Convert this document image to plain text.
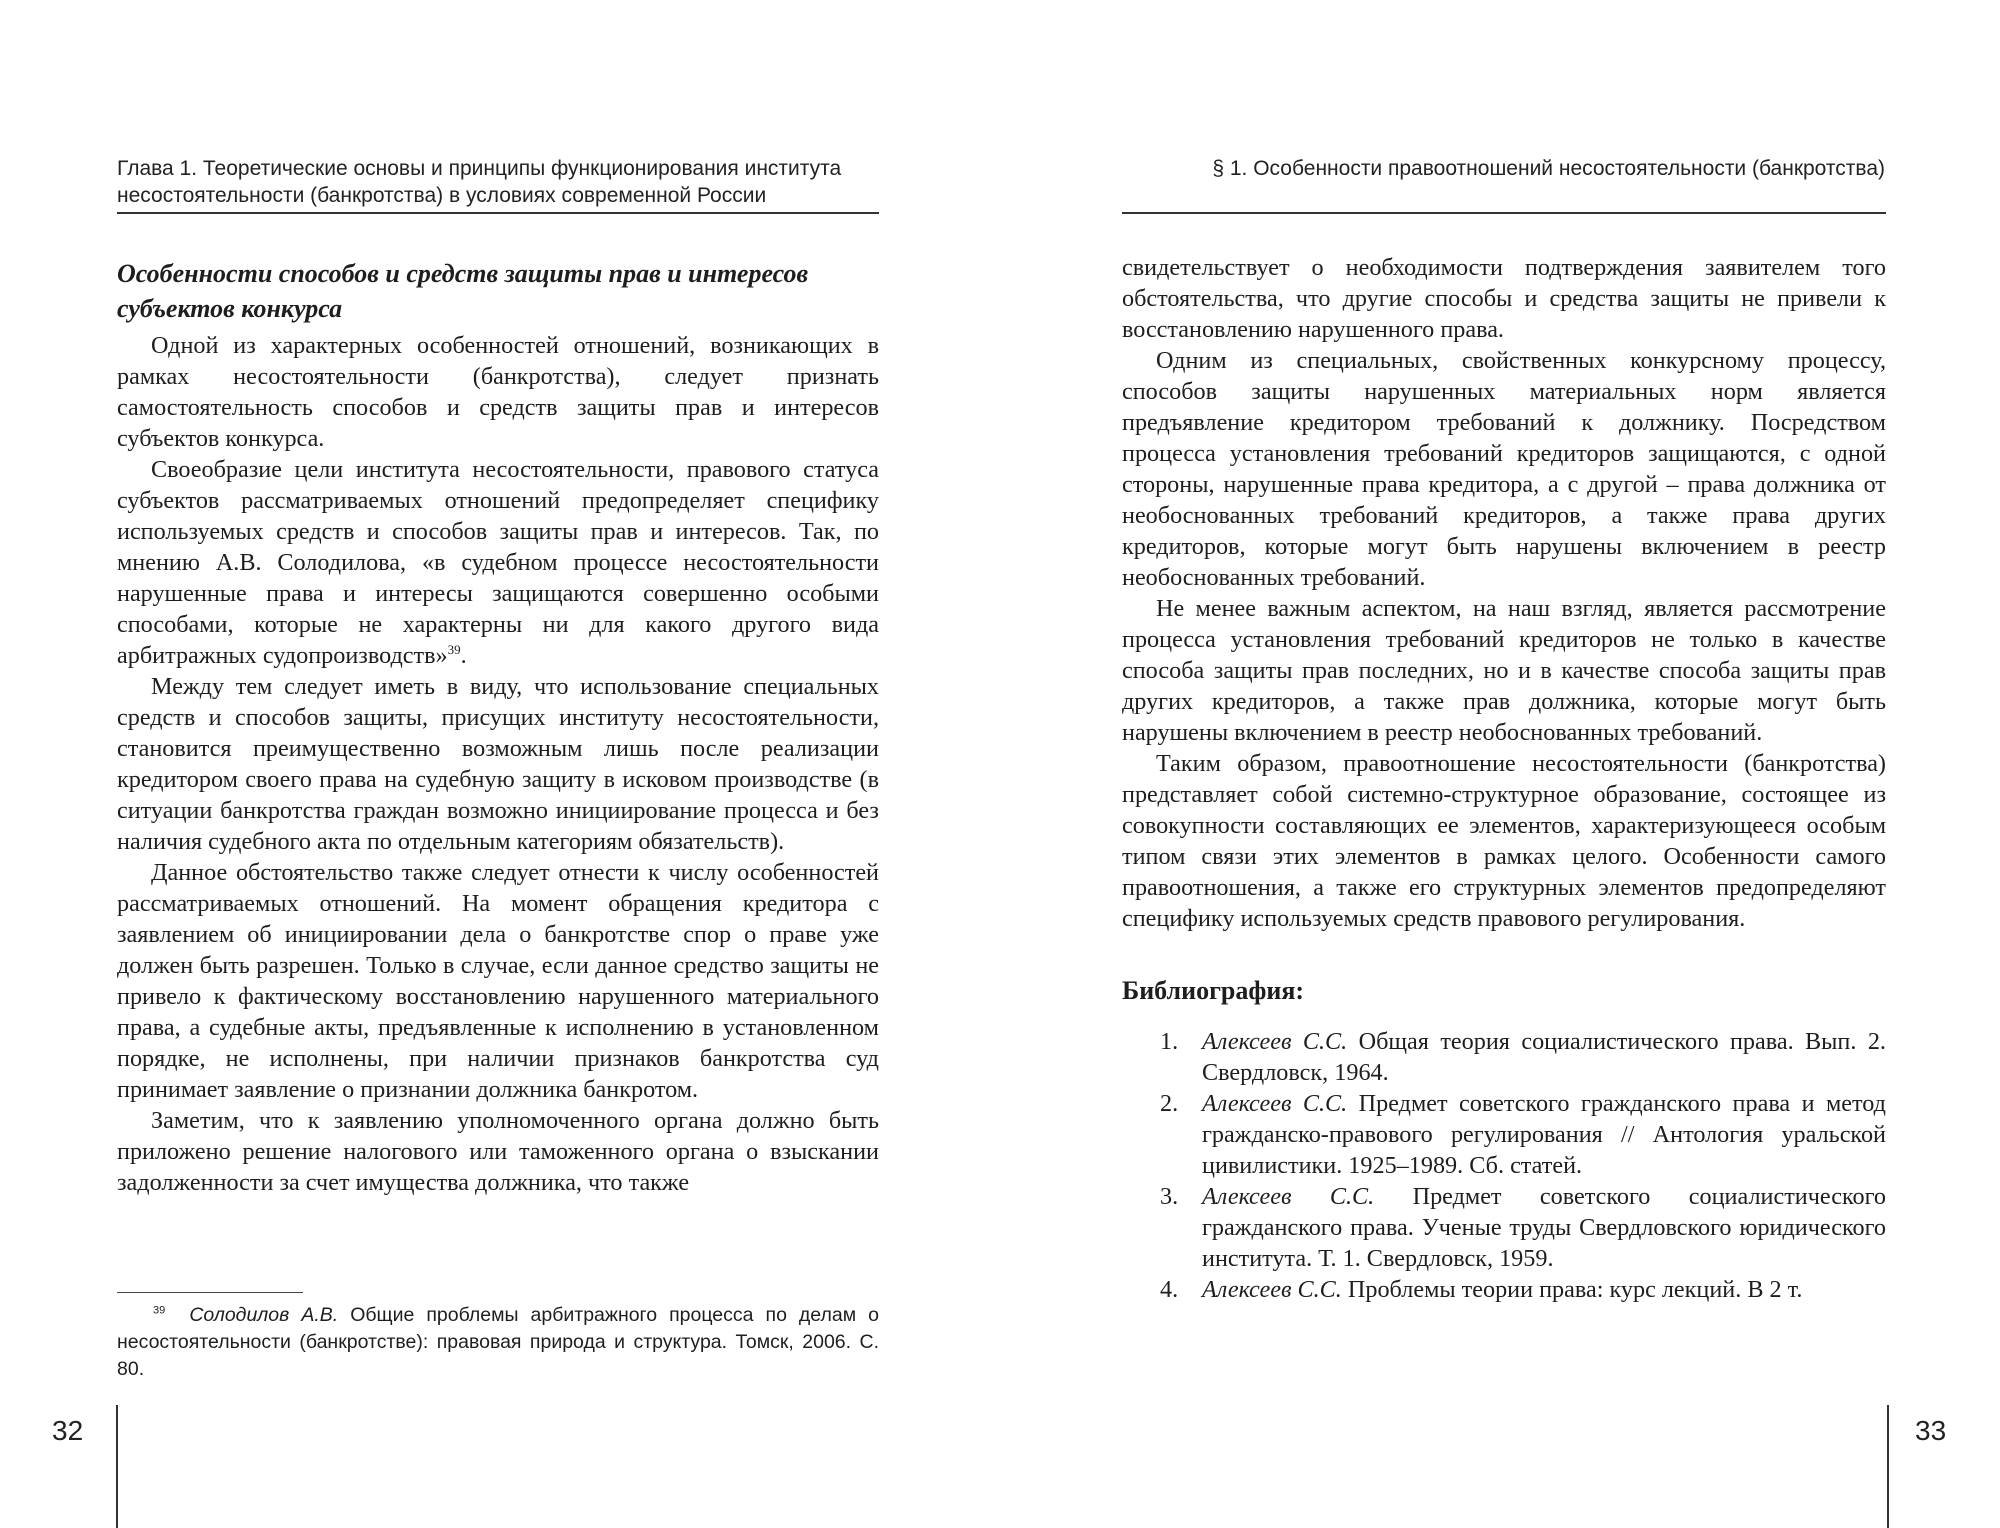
Глава 1. Теоретические основы и принципы функционирования института
несостоятельности (банкротства) в условиях современной России
Особенности способов и средств защиты прав и интересов
субъектов конкурса

Одной из характерных особенностей отношений, возникающих в рамках несостоятельности (банкротства), следует признать самостоятельность способов и средств защиты прав и интересов субъектов конкурса.

Своеобразие цели института несостоятельности, правового статуса субъектов рассматриваемых отношений предопределяет специфику используемых средств и способов защиты прав и интересов. Так, по мнению А.В. Солодилова, «в судебном процессе несостоятельности нарушенные права и интересы защищаются совершенно особыми способами, которые не характерны ни для какого другого вида арбитражных судопроизводств»$^{39}$.

Между тем следует иметь в виду, что использование специальных средств и способов защиты, присущих институту несостоятельности, становится преимущественно возможным лишь после реализации кредитором своего права на судебную защиту в исковом производстве (в ситуации банкротства граждан возможно инициирование процесса и без наличия судебного акта по отдельным категориям обязательств).

Данное обстоятельство также следует отнести к числу особенностей рассматриваемых отношений. На момент обращения кредитора с заявлением об инициировании дела о банкротстве спор о праве уже должен быть разрешен. Только в случае, если данное средство защиты не привело к фактическому восстановлению нарушенного материального права, а судебные акты, предъявленные к исполнению в установленном порядке, не исполнены, при наличии признаков банкротства суд принимает заявление о признании должника банкротом.

Заметим, что к заявлению уполномоченного органа должно быть приложено решение налогового или таможенного органа о взыскании задолженности за счет имущества должника, что также

$^{39}$ Солодилов А.В. Общие проблемы арбитражного процесса по делам о несостоятельности (банкротстве): правовая природа и структура. Томск, 2006. С. 80.
32
§ 1. Особенности правоотношений несостоятельности (банкротства)

свидетельствует о необходимости подтверждения заявителем того обстоятельства, что другие способы и средства защиты не привели к восстановлению нарушенного права.

Одним из специальных, свойственных конкурсному процессу, способов защиты нарушенных материальных норм является предъявление кредитором требований к должнику. Посредством процесса установления требований кредиторов защищаются, с одной стороны, нарушенные права кредитора, а с другой – права должника от необоснованных требований кредиторов, а также права других кредиторов, которые могут быть нарушены включением в реестр необоснованных требований.

Не менее важным аспектом, на наш взгляд, является рассмотрение процесса установления требований кредиторов не только в качестве способа защиты прав последних, но и в качестве способа защиты прав других кредиторов, а также прав должника, которые могут быть нарушены включением в реестр необоснованных требований.

Таким образом, правоотношение несостоятельности (банкротства) представляет собой системно-структурное образование, состоящее из совокупности составляющих ее элементов, характеризующееся особым типом связи этих элементов в рамках целого. Особенности самого правоотношения, а также его структурных элементов предопределяют специфику используемых средств правового регулирования.

Библиография:
1. Алексеев С.С. Общая теория социалистического права. Вып. 2. Свердловск, 1964.
2. Алексеев С.С. Предмет советского гражданского права и метод гражданско-правового регулирования // Антология уральской цивилистики. 1925–1989. Сб. статей.
3. Алексеев С.С. Предмет советского социалистического гражданского права. Ученые труды Свердловского юридического института. Т. 1. Свердловск, 1959.
4. Алексеев С.С. Проблемы теории права: курс лекций. В 2 т.
33
